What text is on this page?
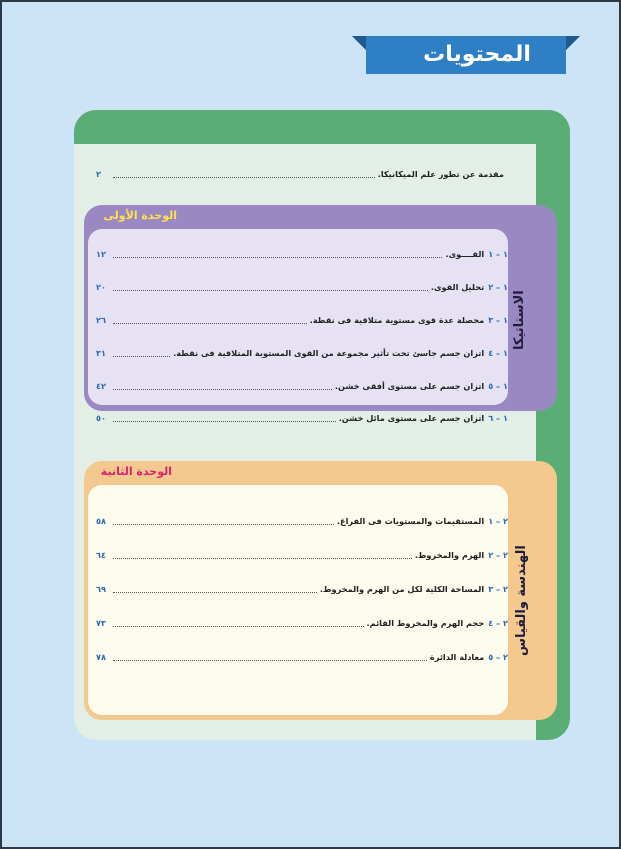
المحتويات
مقدمة عن تطور علم الميكانيكا.
٢
الوحدة الأولى
الاستاتيكا
١ – ١
القــــوى.
١٢
١ – ٢
تحليل القوى.
٢٠
١ – ٣
محصلة عدة قوى مستوية متلاقية فى نقطة.
٢٦
١ – ٤
اتزان جسم جاسئ تحت تأثير مجموعة من القوى المستوية المتلاقية فى نقطة.
٣١
١ – ٥
اتزان جسم على مستوى أفقى خشن.
٤٢
١ – ٦
اتزان جسم على مستوى مائل خشن.
٥٠
الوحدة الثانية
الهندسة والقياس
٢ – ١
المستقيمات والمستويات فى الفراغ.
٥٨
٢ – ٢
الهرم والمخروط.
٦٤
٢ – ٣
المساحة الكلية لكل من الهرم والمخروط.
٦٩
٢ – ٤
حجم الهرم والمخروط القائم.
٧٣
٢ – ٥
معادلة الدائرة
٧٨
